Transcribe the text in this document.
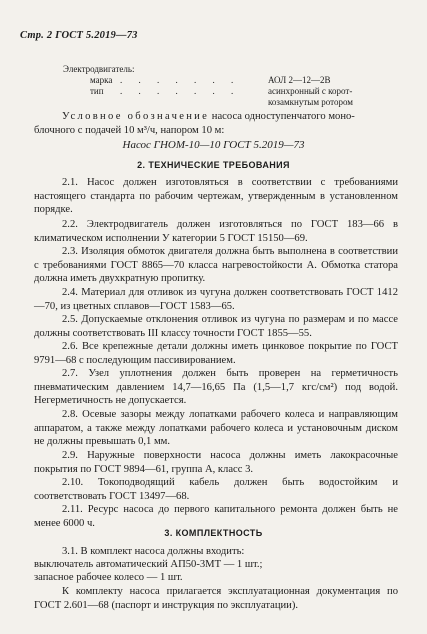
Стр. 2 ГОСТ 5.2019—73
Электродвигатель:
марка . . . . . . .	АОЛ 2—12—2В
тип . . . . . . .	асинхронный с корот-
козамкнутым ротором
Условное обозначение насоса одноступенчатого моно-
блочного с подачей 10 м³/ч, напором 10 м:
Насос ГНОМ-10—10 ГОСТ 5.2019—73
2. ТЕХНИЧЕСКИЕ ТРЕБОВАНИЯ
2.1. Насос должен изготовляться в соответствии с требованиями настоящего стандарта по рабочим чертежам, утвержденным в установленном порядке.
2.2. Электродвигатель должен изготовляться по ГОСТ 183—66 в климатическом исполнении У категории 5 ГОСТ 15150—69.
2.3. Изоляция обмоток двигателя должна быть выполнена в соответствии с требованиями ГОСТ 8865—70 класса нагревостойкости А. Обмотка статора должна иметь двухкратную пропитку.
2.4. Материал для отливок из чугуна должен соответствовать ГОСТ 1412—70, из цветных сплавов—ГОСТ 1583—65.
2.5. Допускаемые отклонения отливок из чугуна по размерам и по массе должны соответствовать III классу точности ГОСТ 1855—55.
2.6. Все крепежные детали должны иметь цинковое покрытие по ГОСТ 9791—68 с последующим пассивированием.
2.7. Узел уплотнения должен быть проверен на герметичность пневматическим давлением 14,7—16,65 Па (1,5—1,7 кгс/см²) под водой. Негерметичность не допускается.
2.8. Осевые зазоры между лопатками рабочего колеса и направляющим аппаратом, а также между лопатками рабочего колеса и установочным диском не должны превышать 0,1 мм.
2.9. Наружные поверхности насоса должны иметь лакокрасочные покрытия по ГОСТ 9894—61, группа А, класс 3.
2.10. Токоподводящий кабель должен быть водостойким и соответствовать ГОСТ 13497—68.
2.11. Ресурс насоса до первого капитального ремонта должен быть не менее 6000 ч.
3. КОМПЛЕКТНОСТЬ
3.1. В комплект насоса должны входить:
выключатель автоматический АП50-3МТ — 1 шт.;
запасное рабочее колесо — 1 шт.
К комплекту насоса прилагается эксплуатационная документация по ГОСТ 2.601—68 (паспорт и инструкция по эксплуатации).
